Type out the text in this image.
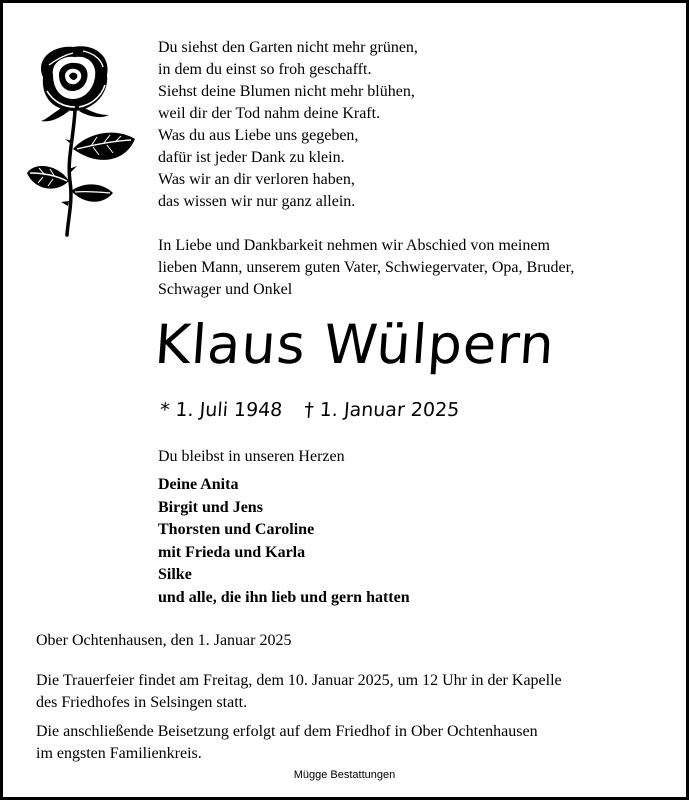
Du siehst den Garten nicht mehr grünen,
in dem du einst so froh geschafft.
Siehst deine Blumen nicht mehr blühen,
weil dir der Tod nahm deine Kraft.
Was du aus Liebe uns gegeben,
dafür ist jeder Dank zu klein.
Was wir an dir verloren haben,
das wissen wir nur ganz allein.
In Liebe und Dankbarkeit nehmen wir Abschied von meinem
lieben Mann, unserem guten Vater, Schwiegervater, Opa, Bruder,
Schwager und Onkel
Klaus Wülpern
* 1. Juli 1948 † 1. Januar 2025
Du bleibst in unseren Herzen
Deine Anita
Birgit und Jens
Thorsten und Caroline
mit Frieda und Karla
Silke
und alle, die ihn lieb und gern hatten
Ober Ochtenhausen, den 1. Januar 2025
Die Trauerfeier findet am Freitag, dem 10. Januar 2025, um 12 Uhr in der Kapelle
des Friedhofes in Selsingen statt.
Die anschließende Beisetzung erfolgt auf dem Friedhof in Ober Ochtenhausen
im engsten Familienkreis.
Mügge Bestattungen
